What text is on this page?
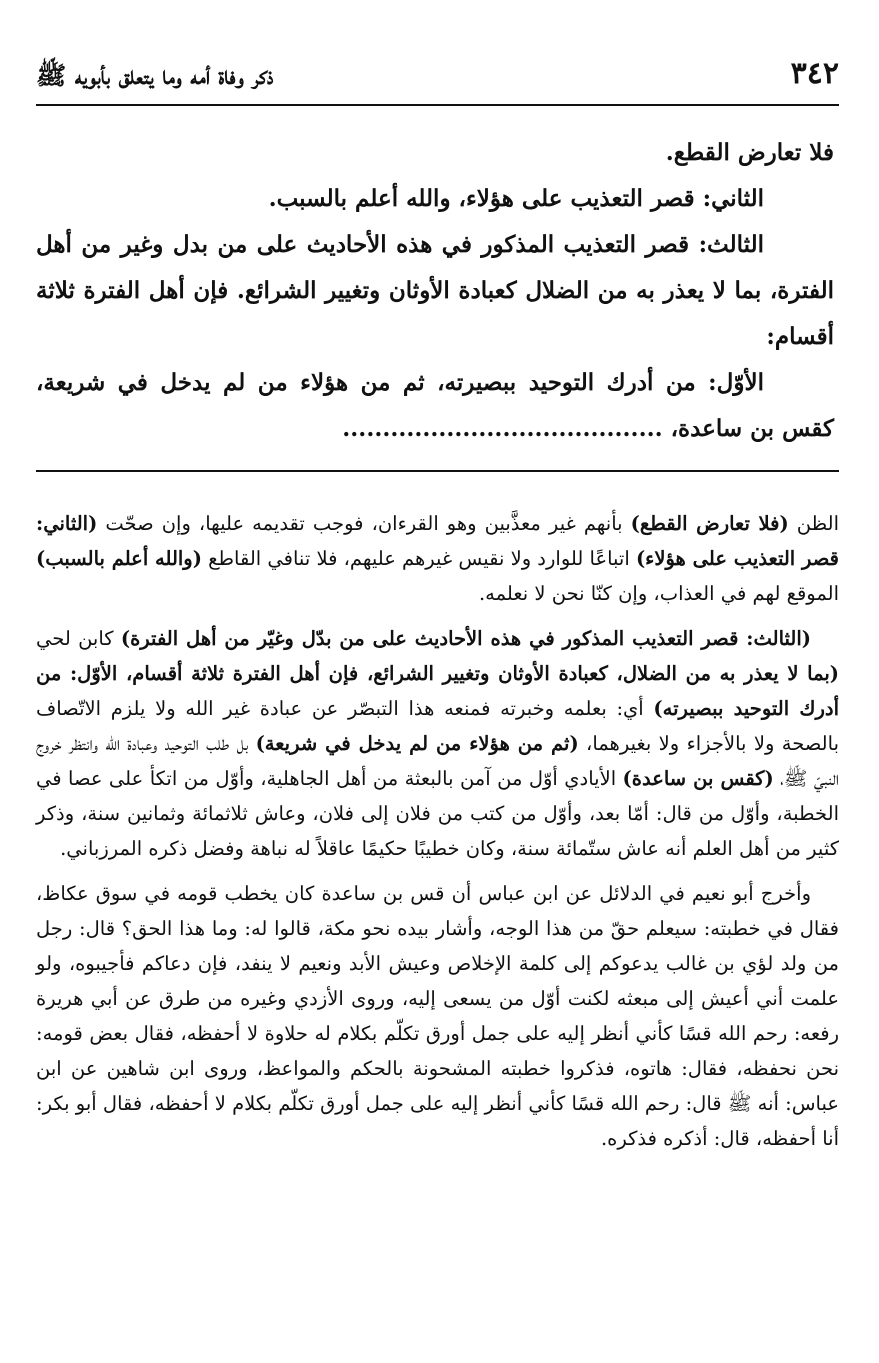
٣٤٢
ذكر وفاة أمه وما يتعلق بأبويه ﷺ

فلا تعارض القطع.

الثاني: قصر التعذيب على هؤلاء، والله أعلم بالسبب.

الثالث: قصر التعذيب المذكور في هذه الأحاديث على من بدل وغير من أهل الفترة، بما لا يعذر به من الضلال كعبادة الأوثان وتغيير الشرائع. فإن أهل الفترة ثلاثة أقسام:

الأوّل: من أدرك التوحيد ببصيرته، ثم من هؤلاء من لم يدخل في شريعة، كقس بن ساعدة، ........................................

الظن (فلا تعارض القطع) بأنهم غير معذَّبين وهو القرءان، فوجب تقديمه عليها، وإن صحّت (الثاني: قصر التعذيب على هؤلاء) اتباعًا للوارد ولا نقيس غيرهم عليهم، فلا تنافي القاطع (والله أعلم بالسبب) الموقع لهم في العذاب، وإن كنّا نحن لا نعلمه.

(الثالث: قصر التعذيب المذكور في هذه الأحاديث على من بدّل وغيّر من أهل الفترة) كابن لحي (بما لا يعذر به من الضلال، كعبادة الأوثان وتغيير الشرائع، فإن أهل الفترة ثلاثة أقسام، الأوّل: من أدرك التوحيد ببصيرته) أي: بعلمه وخبرته فمنعه هذا التبصّر عن عبادة غير الله ولا يلزم الاتّصاف بالصحة ولا بالأجزاء ولا بغيرهما، (ثم من هؤلاء من لم يدخل في شريعة) بل طلب التوحيد وعبادة الله وانتظر خروج النبيّ ﷺ، (كقس بن ساعدة) الأيادي أوّل من آمن بالبعثة من أهل الجاهلية، وأوّل من اتكأ على عصا في الخطبة، وأوّل من قال: أمّا بعد، وأوّل من كتب من فلان إلى فلان، وعاش ثلاثمائة وثمانين سنة، وذكر كثير من أهل العلم أنه عاش ستّمائة سنة، وكان خطيبًا حكيمًا عاقلاً له نباهة وفضل ذكره المرزباني.

وأخرج أبو نعيم في الدلائل عن ابن عباس أن قس بن ساعدة كان يخطب قومه في سوق عكاظ، فقال في خطبته: سيعلم حقّ من هذا الوجه، وأشار بيده نحو مكة، قالوا له: وما هذا الحق؟ قال: رجل من ولد لؤي بن غالب يدعوكم إلى كلمة الإخلاص وعيش الأبد ونعيم لا ينفد، فإن دعاكم فأجيبوه، ولو علمت أني أعيش إلى مبعثه لكنت أوّل من يسعى إليه، وروى الأزدي وغيره من طرق عن أبي هريرة رفعه: رحم الله قسًا كأني أنظر إليه على جمل أورق تكلّم بكلام له حلاوة لا أحفظه، فقال بعض قومه: نحن نحفظه، فقال: هاتوه، فذكروا خطبته المشحونة بالحكم والمواعظ، وروى ابن شاهين عن ابن عباس: أنه ﷺ قال: رحم الله قسًا كأني أنظر إليه على جمل أورق تكلّم بكلام لا أحفظه، فقال أبو بكر: أنا أحفظه، قال: أذكره فذكره.
